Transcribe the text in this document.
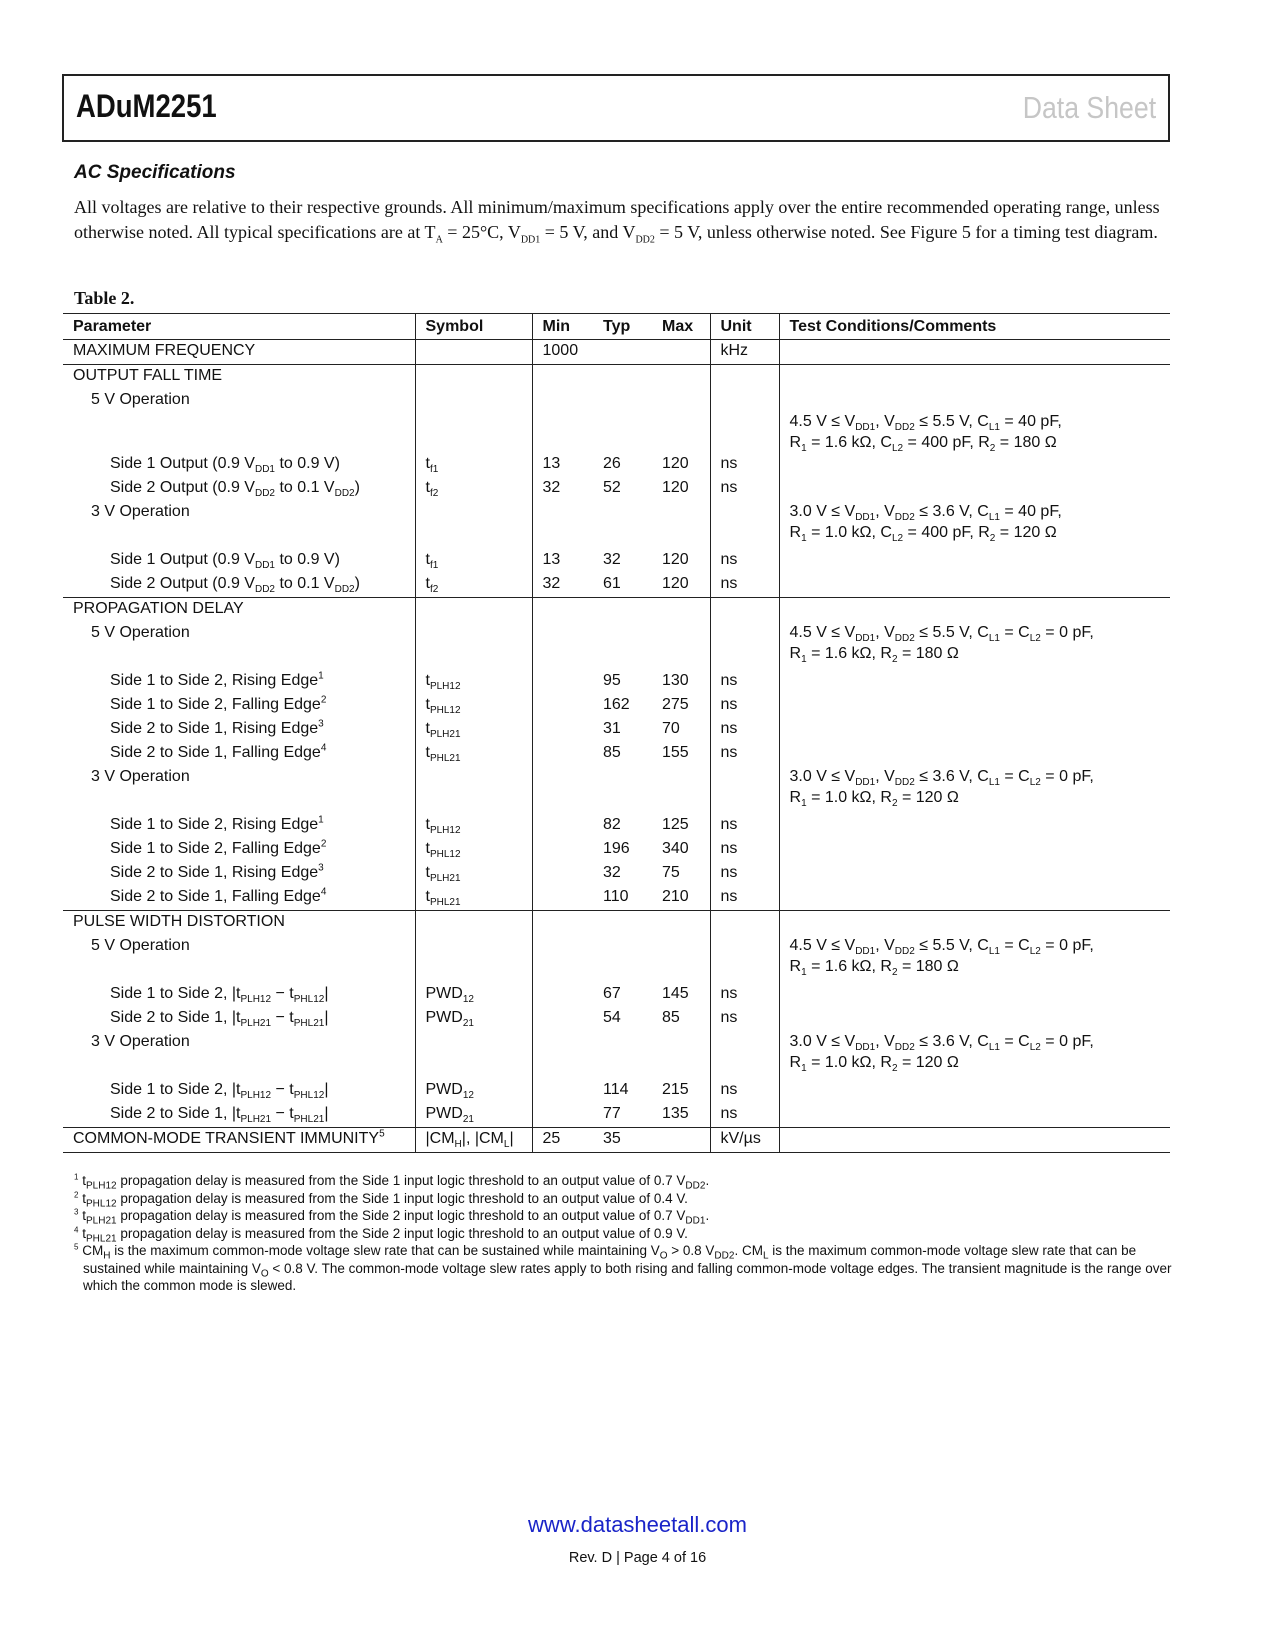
ADuM2251	Data Sheet
AC Specifications
All voltages are relative to their respective grounds. All minimum/maximum specifications apply over the entire recommended operating range, unless otherwise noted. All typical specifications are at $T_A = 25^\circ C$, $V_{DD1} = 5$ V, and $V_{DD2} = 5$ V, unless otherwise noted. See Figure 5 for a timing test diagram.
Table 2.
Parameter	Symbol	Min	Typ	Max	Unit	Test Conditions/Comments
MAXIMUM FREQUENCY		1000			kHz	
OUTPUT FALL TIME						
5 V Operation						4.5 $V \le V_{DD1}$, $V_{DD2} \le 5.5$ V, $C_{L1} = 40$ pF,
$R_1 = 1.6$ kΩ, $C_{L2} = 400$ pF, $R_2 = 180$ Ω

Side 1 Output (0.9 $V_{DD1}$ to 0.9 V)	$t_{f1}$	13	26	120	ns	
Side 2 Output (0.9 $V_{DD2}$ to 0.1 $V_{DD2}$)	$t_{f2}$	32	52	120	ns	
3 V Operation						3.0 $V \le V_{DD1}$, $V_{DD2} \le 3.6$ V, $C_{L1} = 40$ pF,
$R_1 = 1.0$ kΩ, $C_{L2} = 400$ pF, $R_2 = 120$ Ω

Side 1 Output (0.9 $V_{DD1}$ to 0.9 V)	$t_{f1}$	13	32	120	ns	
Side 2 Output (0.9 $V_{DD2}$ to 0.1 $V_{DD2}$)	$t_{f2}$	32	61	120	ns	
PROPAGATION DELAY						
5 V Operation						4.5 $V \le V_{DD1}$, $V_{DD2} \le 5.5$ V, $C_{L1} = C_{L2} = 0$ pF,
$R_1 = 1.6$ kΩ, $R_2 = 180$ Ω

Side 1 to Side 2, Rising Edge$^1$	$t_{PLH12}$		95	130	ns	
Side 1 to Side 2, Falling Edge$^2$	$t_{PHL12}$		162	275	ns	
Side 2 to Side 1, Rising Edge$^3$	$t_{PLH21}$		31	70	ns	
Side 2 to Side 1, Falling Edge$^4$	$t_{PHL21}$		85	155	ns	
3 V Operation						3.0 $V \le V_{DD1}$, $V_{DD2} \le 3.6$ V, $C_{L1} = C_{L2} = 0$ pF,
$R_1 = 1.0$ kΩ, $R_2 = 120$ Ω

Side 1 to Side 2, Rising Edge$^1$	$t_{PLH12}$		82	125	ns	
Side 1 to Side 2, Falling Edge$^2$	$t_{PHL12}$		196	340	ns	
Side 2 to Side 1, Rising Edge$^3$	$t_{PLH21}$		32	75	ns	
Side 2 to Side 1, Falling Edge$^4$	$t_{PHL21}$		110	210	ns	
PULSE WIDTH DISTORTION						
5 V Operation						4.5 $V \le V_{DD1}$, $V_{DD2} \le 5.5$ V, $C_{L1} = C_{L2} = 0$ pF,
$R_1 = 1.6$ kΩ, $R_2 = 180$ Ω

Side 1 to Side 2, $|t_{PLH12} - t_{PHL12}|$	$PWD_{12}$		67	145	ns	
Side 2 to Side 1, $|t_{PLH21} - t_{PHL21}|$	$PWD_{21}$		54	85	ns	
3 V Operation						3.0 $V \le V_{DD1}$, $V_{DD2} \le 3.6$ V, $C_{L1} = C_{L2} = 0$ pF,
$R_1 = 1.0$ kΩ, $R_2 = 120$ Ω

Side 1 to Side 2, $|t_{PLH12} - t_{PHL12}|$	$PWD_{12}$		114	215	ns	
Side 2 to Side 1, $|t_{PLH21} - t_{PHL21}|$	$PWD_{21}$		77	135	ns	
COMMON-MODE TRANSIENT IMMUNITY$^5$	$|CM_H|$, $|CM_L|$	25	35		kV/µs	

$^1$ $t_{PLH12}$ propagation delay is measured from the Side 1 input logic threshold to an output value of 0.7 $V_{DD2}$.

$^2$ $t_{PHL12}$ propagation delay is measured from the Side 1 input logic threshold to an output value of 0.4 V.

$^3$ $t_{PLH21}$ propagation delay is measured from the Side 2 input logic threshold to an output value of 0.7 $V_{DD1}$.

$^4$ $t_{PHL21}$ propagation delay is measured from the Side 2 input logic threshold to an output value of 0.9 V.

$^5$ $CM_H$ is the maximum common-mode voltage slew rate that can be sustained while maintaining $V_O > 0.8$ $V_{DD2}$. $CM_L$ is the maximum common-mode voltage slew rate that can be sustained while maintaining $V_O < 0.8$ V. The common-mode voltage slew rates apply to both rising and falling common-mode voltage edges. The transient magnitude is the range over which the common mode is slewed.

www.datasheetall.com
Rev. D | Page 4 of 16
